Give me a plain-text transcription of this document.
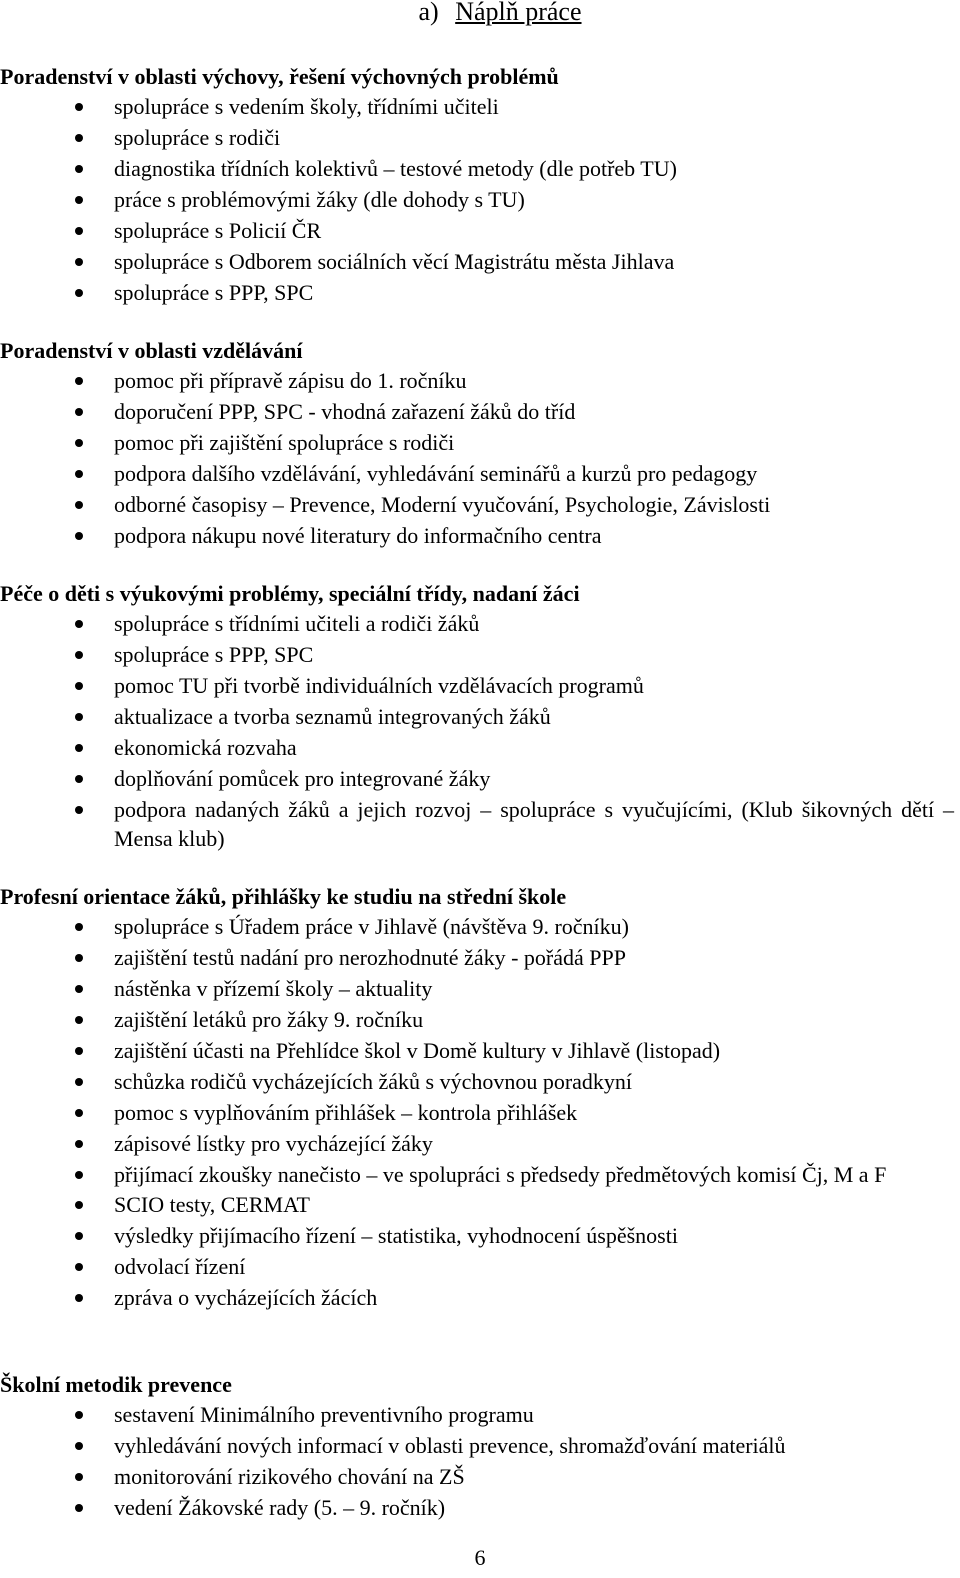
a) Náplň práce
Poradenství v oblasti výchovy, řešení výchovných problémů
spolupráce s vedením školy, třídními učiteli
spolupráce s rodiči
diagnostika třídních kolektivů – testové metody (dle potřeb TU)
práce s problémovými žáky (dle dohody s TU)
spolupráce s Policií ČR
spolupráce s Odborem sociálních věcí Magistrátu města Jihlava
spolupráce s PPP, SPC
Poradenství v oblasti vzdělávání
pomoc při přípravě zápisu do 1. ročníku
doporučení PPP, SPC - vhodná zařazení žáků do tříd
pomoc při zajištění spolupráce s rodiči
podpora dalšího vzdělávání, vyhledávání seminářů a kurzů pro pedagogy
odborné časopisy – Prevence, Moderní vyučování, Psychologie, Závislosti
podpora nákupu nové literatury do informačního centra
Péče o děti s výukovými problémy, speciální třídy, nadaní žáci
spolupráce s třídními učiteli a rodiči žáků
spolupráce s PPP, SPC
pomoc TU při tvorbě individuálních vzdělávacích programů
aktualizace a tvorba seznamů integrovaných žáků
ekonomická rozvaha
doplňování pomůcek pro integrované žáky
podpora nadaných žáků a jejich rozvoj – spolupráce s vyučujícími, (Klub šikovných dětí – Mensa klub)
Profesní orientace žáků, přihlášky ke studiu na střední škole
spolupráce s Úřadem práce v Jihlavě (návštěva 9. ročníku)
zajištění testů nadání pro nerozhodnuté žáky - pořádá PPP
nástěnka v přízemí školy – aktuality
zajištění letáků pro žáky 9. ročníku
zajištění účasti na Přehlídce škol v Domě kultury v Jihlavě (listopad)
schůzka rodičů vycházejících žáků s výchovnou poradkyní
pomoc s vyplňováním přihlášek – kontrola přihlášek
zápisové lístky pro vycházející žáky
přijímací zkoušky nanečisto – ve spolupráci s předsedy předmětových komisí Čj, M a F
SCIO testy, CERMAT
výsledky přijímacího řízení – statistika, vyhodnocení úspěšnosti
odvolací řízení
zpráva o vycházejících žácích
Školní metodik prevence
sestavení Minimálního preventivního programu
vyhledávání nových informací v oblasti prevence, shromažďování materiálů
monitorování rizikového chování na ZŠ
vedení Žákovské rady (5. – 9. ročník)
6
